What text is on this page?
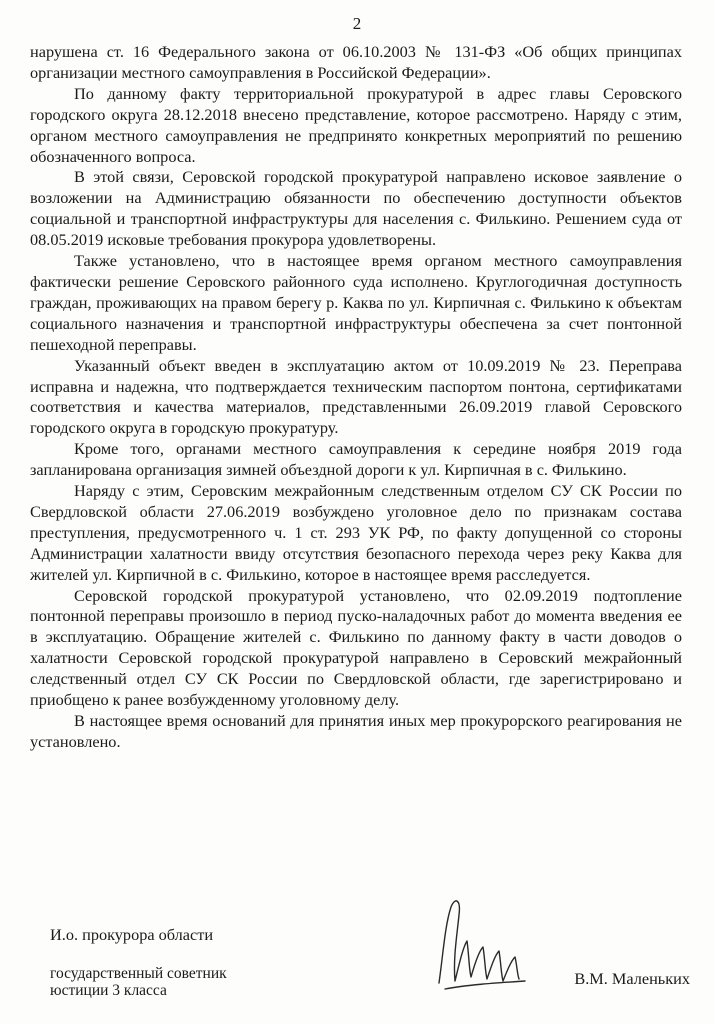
2

нарушена ст. 16 Федерального закона от 06.10.2003 № 131-ФЗ «Об общих принципах организации местного самоуправления в Российской Федерации».

По данному факту территориальной прокуратурой в адрес главы Серовского городского округа 28.12.2018 внесено представление, которое рассмотрено. Наряду с этим, органом местного самоуправления не предпринято конкретных мероприятий по решению обозначенного вопроса.

В этой связи, Серовской городской прокуратурой направлено исковое заявление о возложении на Администрацию обязанности по обеспечению доступности объектов социальной и транспортной инфраструктуры для населения с. Филькино. Решением суда от 08.05.2019 исковые требования прокурора удовлетворены.

Также установлено, что в настоящее время органом местного самоуправления фактически решение Серовского районного суда исполнено. Круглогодичная доступность граждан, проживающих на правом берегу р. Каква по ул. Кирпичная с. Филькино к объектам социального назначения и транспортной инфраструктуры обеспечена за счет понтонной пешеходной переправы.

Указанный объект введен в эксплуатацию актом от 10.09.2019 № 23. Переправа исправна и надежна, что подтверждается техническим паспортом понтона, сертификатами соответствия и качества материалов, представленными 26.09.2019 главой Серовского городского округа в городскую прокуратуру.

Кроме того, органами местного самоуправления к середине ноября 2019 года запланирована организация зимней объездной дороги к ул. Кирпичная в с. Филькино.

Наряду с этим, Серовским межрайонным следственным отделом СУ СК России по Свердловской области 27.06.2019 возбуждено уголовное дело по признакам состава преступления, предусмотренного ч. 1 ст. 293 УК РФ, по факту допущенной со стороны Администрации халатности ввиду отсутствия безопасного перехода через реку Каква для жителей ул. Кирпичной в с. Филькино, которое в настоящее время расследуется.

Серовской городской прокуратурой установлено, что 02.09.2019 подтопление понтонной переправы произошло в период пуско-наладочных работ до момента введения ее в эксплуатацию. Обращение жителей с. Филькино по данному факту в части доводов о халатности Серовской городской прокуратурой направлено в Серовский межрайонный следственный отдел СУ СК России по Свердловской области, где зарегистрировано и приобщено к ранее возбужденному уголовному делу.

В настоящее время оснований для принятия иных мер прокурорского реагирования не установлено.

И.о. прокурора области
государственный советник
юстиции 3 класса
В.М. Маленьких
